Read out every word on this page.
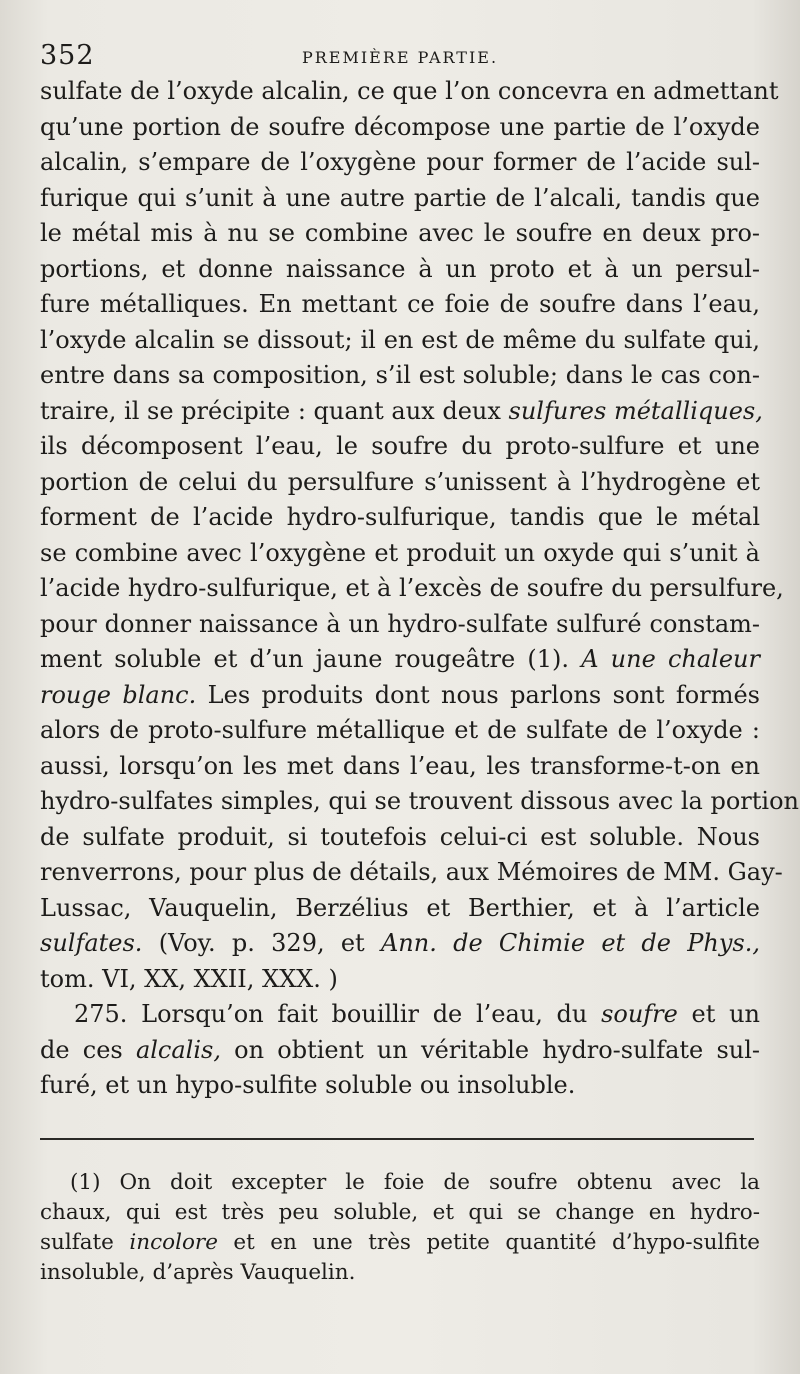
352	PREMIÈRE PARTIE.
sulfate de l’oxyde alcalin, ce que l’on concevra en admettant
qu’une portion de soufre décompose une partie de l’oxyde
alcalin, s’empare de l’oxygène pour former de l’acide sul-
furique qui s’unit à une autre partie de l’alcali, tandis que
le métal mis à nu se combine avec le soufre en deux pro-
portions, et donne naissance à un proto et à un persul-
fure métalliques. En mettant ce foie de soufre dans l’eau,
l’oxyde alcalin se dissout; il en est de même du sulfate qui,
entre dans sa composition, s’il est soluble; dans le cas con-
traire, il se précipite : quant aux deux sulfures métalliques,
ils décomposent l’eau, le soufre du proto-sulfure et une
portion de celui du persulfure s’unissent à l’hydrogène et
forment de l’acide hydro-sulfurique, tandis que le métal
se combine avec l’oxygène et produit un oxyde qui s’unit à
l’acide hydro-sulfurique, et à l’excès de soufre du persulfure,
pour donner naissance à un hydro-sulfate sulfuré constam-
ment soluble et d’un jaune rougeâtre (1). A une chaleur
rouge blanc. Les produits dont nous parlons sont formés
alors de proto-sulfure métallique et de sulfate de l’oxyde :
aussi, lorsqu’on les met dans l’eau, les transforme-t-on en
hydro-sulfates simples, qui se trouvent dissous avec la portion
de sulfate produit, si toutefois celui-ci est soluble. Nous
renverrons, pour plus de détails, aux Mémoires de MM. Gay-
Lussac, Vauquelin, Berzélius et Berthier, et à l’article
sulfates. (Voy. p. 329, et Ann. de Chimie et de Phys.,
tom. VI, XX, XXII, XXX. )
275. Lorsqu’on fait bouillir de l’eau, du soufre et un
de ces alcalis, on obtient un véritable hydro-sulfate sul-
furé, et un hypo-sulfite soluble ou insoluble.
(1) On doit excepter le foie de soufre obtenu avec la
chaux, qui est très peu soluble, et qui se change en hydro-
sulfate incolore et en une très petite quantité d’hypo-sulfite
insoluble, d’après Vauquelin.
